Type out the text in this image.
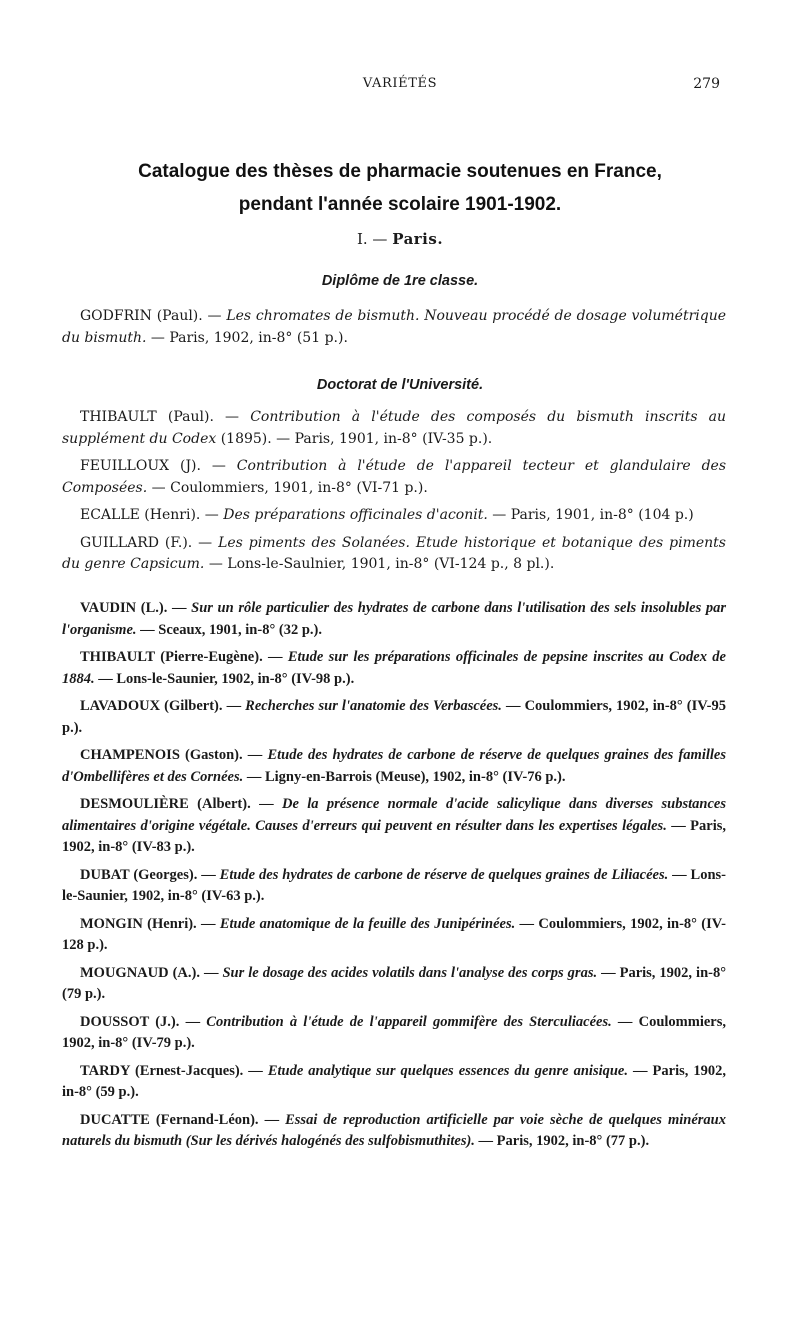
VARIÉTÉS	279
Catalogue des thèses de pharmacie soutenues en France,
pendant l'année scolaire 1901-1902.
I. — Paris.
Diplôme de 1re classe.

GODFRIN (Paul). — Les chromates de bismuth. Nouveau procédé de dosage volumétrique du bismuth. — Paris, 1902, in-8° (51 p.).

Doctorat de l'Université.

THIBAULT (Paul). — Contribution à l'étude des composés du bismuth inscrits au supplément du Codex (1895). — Paris, 1901, in-8° (IV-35 p.).

FEUILLOUX (J). — Contribution à l'étude de l'appareil tecteur et glandulaire des Composées. — Coulommiers, 1901, in-8° (VI-71 p.).

ECALLE (Henri). — Des préparations officinales d'aconit. — Paris, 1901, in-8° (104 p.)

GUILLARD (F.). — Les piments des Solanées. Etude historique et botanique des piments du genre Capsicum. — Lons-le-Saulnier, 1901, in-8° (VI-124 p., 8 pl.).

VAUDIN (L.). — Sur un rôle particulier des hydrates de carbone dans l'utilisation des sels insolubles par l'organisme. — Sceaux, 1901, in-8° (32 p.).

THIBAULT (Pierre-Eugène). — Etude sur les préparations officinales de pepsine inscrites au Codex de 1884. — Lons-le-Saunier, 1902, in-8° (IV-98 p.).

LAVADOUX (Gilbert). — Recherches sur l'anatomie des Verbascées. — Coulommiers, 1902, in-8° (IV-95 p.).

CHAMPENOIS (Gaston). — Etude des hydrates de carbone de réserve de quelques graines des familles d'Ombellifères et des Cornées. — Ligny-en-Barrois (Meuse), 1902, in-8° (IV-76 p.).

DESMOULIÈRE (Albert). — De la présence normale d'acide salicylique dans diverses substances alimentaires d'origine végétale. Causes d'erreurs qui peuvent en résulter dans les expertises légales. — Paris, 1902, in-8° (IV-83 p.).

DUBAT (Georges). — Etude des hydrates de carbone de réserve de quelques graines de Liliacées. — Lons-le-Saunier, 1902, in-8° (IV-63 p.).

MONGIN (Henri). — Etude anatomique de la feuille des Junipérinées. — Coulommiers, 1902, in-8° (IV-128 p.).

MOUGNAUD (A.). — Sur le dosage des acides volatils dans l'analyse des corps gras. — Paris, 1902, in-8° (79 p.).

DOUSSOT (J.). — Contribution à l'étude de l'appareil gommifère des Sterculiacées. — Coulommiers, 1902, in-8° (IV-79 p.).

TARDY (Ernest-Jacques). — Etude analytique sur quelques essences du genre anisique. — Paris, 1902, in-8° (59 p.).

DUCATTE (Fernand-Léon). — Essai de reproduction artificielle par voie sèche de quelques minéraux naturels du bismuth (Sur les dérivés halogénés des sulfobismuthites). — Paris, 1902, in-8° (77 p.).
